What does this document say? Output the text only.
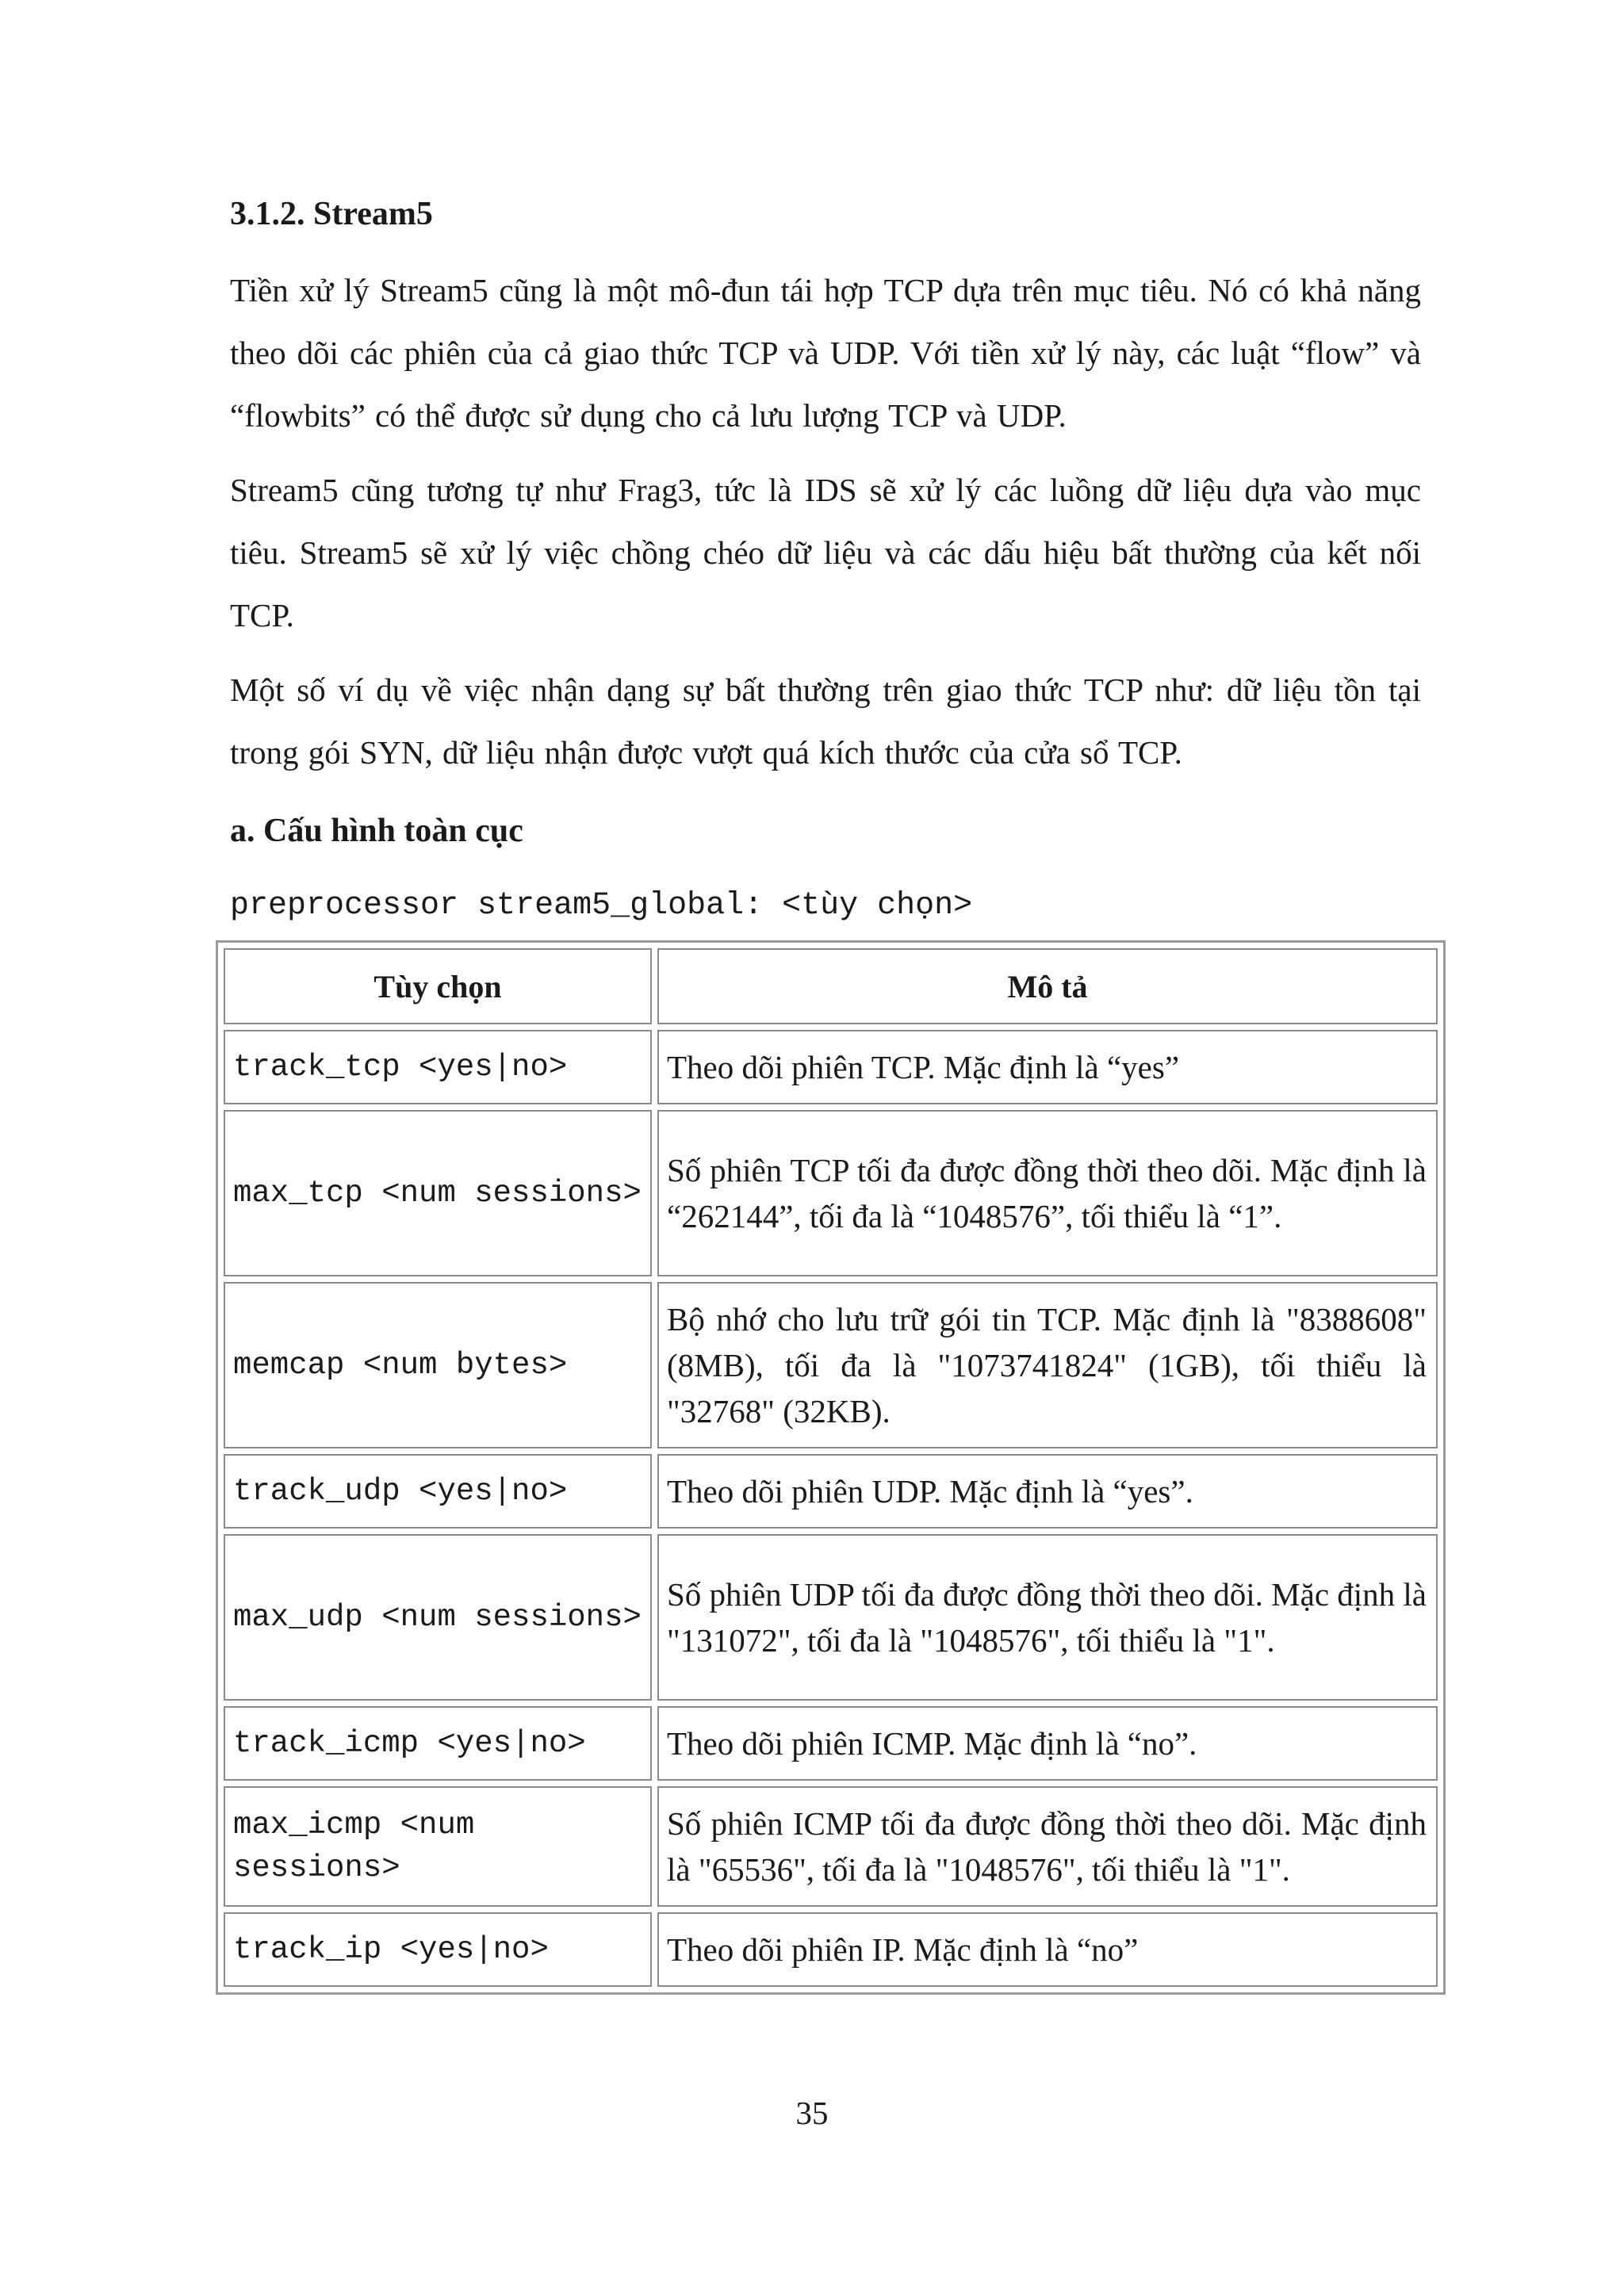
3.1.2. Stream5

Tiền xử lý Stream5 cũng là một mô-đun tái hợp TCP dựa trên mục tiêu. Nó có khả năng theo dõi các phiên của cả giao thức TCP và UDP. Với tiền xử lý này, các luật “flow” và “flowbits” có thể được sử dụng cho cả lưu lượng TCP và UDP.

Stream5 cũng tương tự như Frag3, tức là IDS sẽ xử lý các luồng dữ liệu dựa vào mục tiêu. Stream5 sẽ xử lý việc chồng chéo dữ liệu và các dấu hiệu bất thường của kết nối TCP.

Một số ví dụ về việc nhận dạng sự bất thường trên giao thức TCP như: dữ liệu tồn tại trong gói SYN, dữ liệu nhận được vượt quá kích thước của cửa sổ TCP.

a. Cấu hình toàn cục
preprocessor stream5_global: <tùy chọn>
Tùy chọn	Mô tả
track_tcp <yes|no>	Theo dõi phiên TCP. Mặc định là “yes”
max_tcp <num sessions>	Số phiên TCP tối đa được đồng thời theo dõi. Mặc định là “262144”, tối đa là “1048576”, tối thiểu là “1”.
memcap <num bytes>	Bộ nhớ cho lưu trữ gói tin TCP. Mặc định là "8388608" (8MB), tối đa là "1073741824" (1GB), tối thiểu là "32768" (32KB).
track_udp <yes|no>	Theo dõi phiên UDP. Mặc định là “yes”.
max_udp <num sessions>	Số phiên UDP tối đa được đồng thời theo dõi. Mặc định là "131072", tối đa là "1048576", tối thiểu là "1".
track_icmp <yes|no>	Theo dõi phiên ICMP. Mặc định là “no”.
max_icmp <num sessions>	Số phiên ICMP tối đa được đồng thời theo dõi. Mặc định là "65536", tối đa là "1048576", tối thiểu là "1".
track_ip <yes|no>	Theo dõi phiên IP. Mặc định là “no”
35
